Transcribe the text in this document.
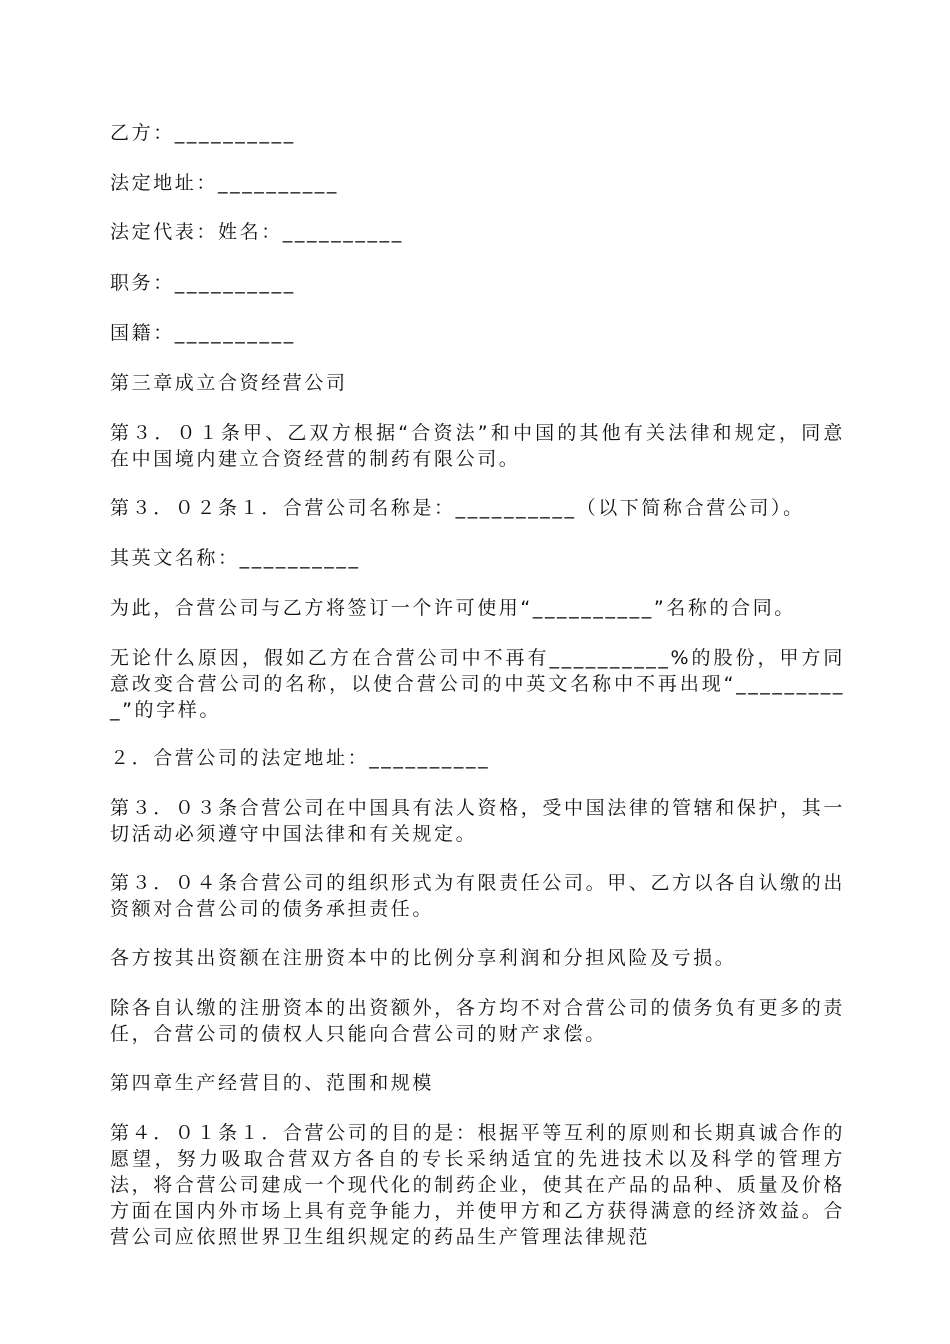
乙方：__________

法定地址：__________

法定代表：姓名：__________

职务：__________

国籍：__________

第三章成立合资经营公司

第３．０１条甲、乙双方根据“合资法”和中国的其他有关法律和规定，同意在中国境内建立合资经营的制药有限公司。

第３．０２条１．合营公司名称是：__________（以下简称合营公司）。

其英文名称：__________

为此，合营公司与乙方将签订一个许可使用“__________”名称的合同。

无论什么原因，假如乙方在合营公司中不再有__________%的股份，甲方同意改变合营公司的名称，以使合营公司的中英文名称中不再出现“__________”的字样。

２．合营公司的法定地址：__________

第３．０３条合营公司在中国具有法人资格，受中国法律的管辖和保护，其一切活动必须遵守中国法律和有关规定。

第３．０４条合营公司的组织形式为有限责任公司。甲、乙方以各自认缴的出资额对合营公司的债务承担责任。

各方按其出资额在注册资本中的比例分享利润和分担风险及亏损。

除各自认缴的注册资本的出资额外，各方均不对合营公司的债务负有更多的责任，合营公司的债权人只能向合营公司的财产求偿。

第四章生产经营目的、范围和规模

第４．０１条１．合营公司的目的是：根据平等互利的原则和长期真诚合作的愿望，努力吸取合营双方各自的专长采纳适宜的先进技术以及科学的管理方法，将合营公司建成一个现代化的制药企业，使其在产品的品种、质量及价格方面在国内外市场上具有竞争能力，并使甲方和乙方获得满意的经济效益。合营公司应依照世界卫生组织规定的药品生产管理法律规范
